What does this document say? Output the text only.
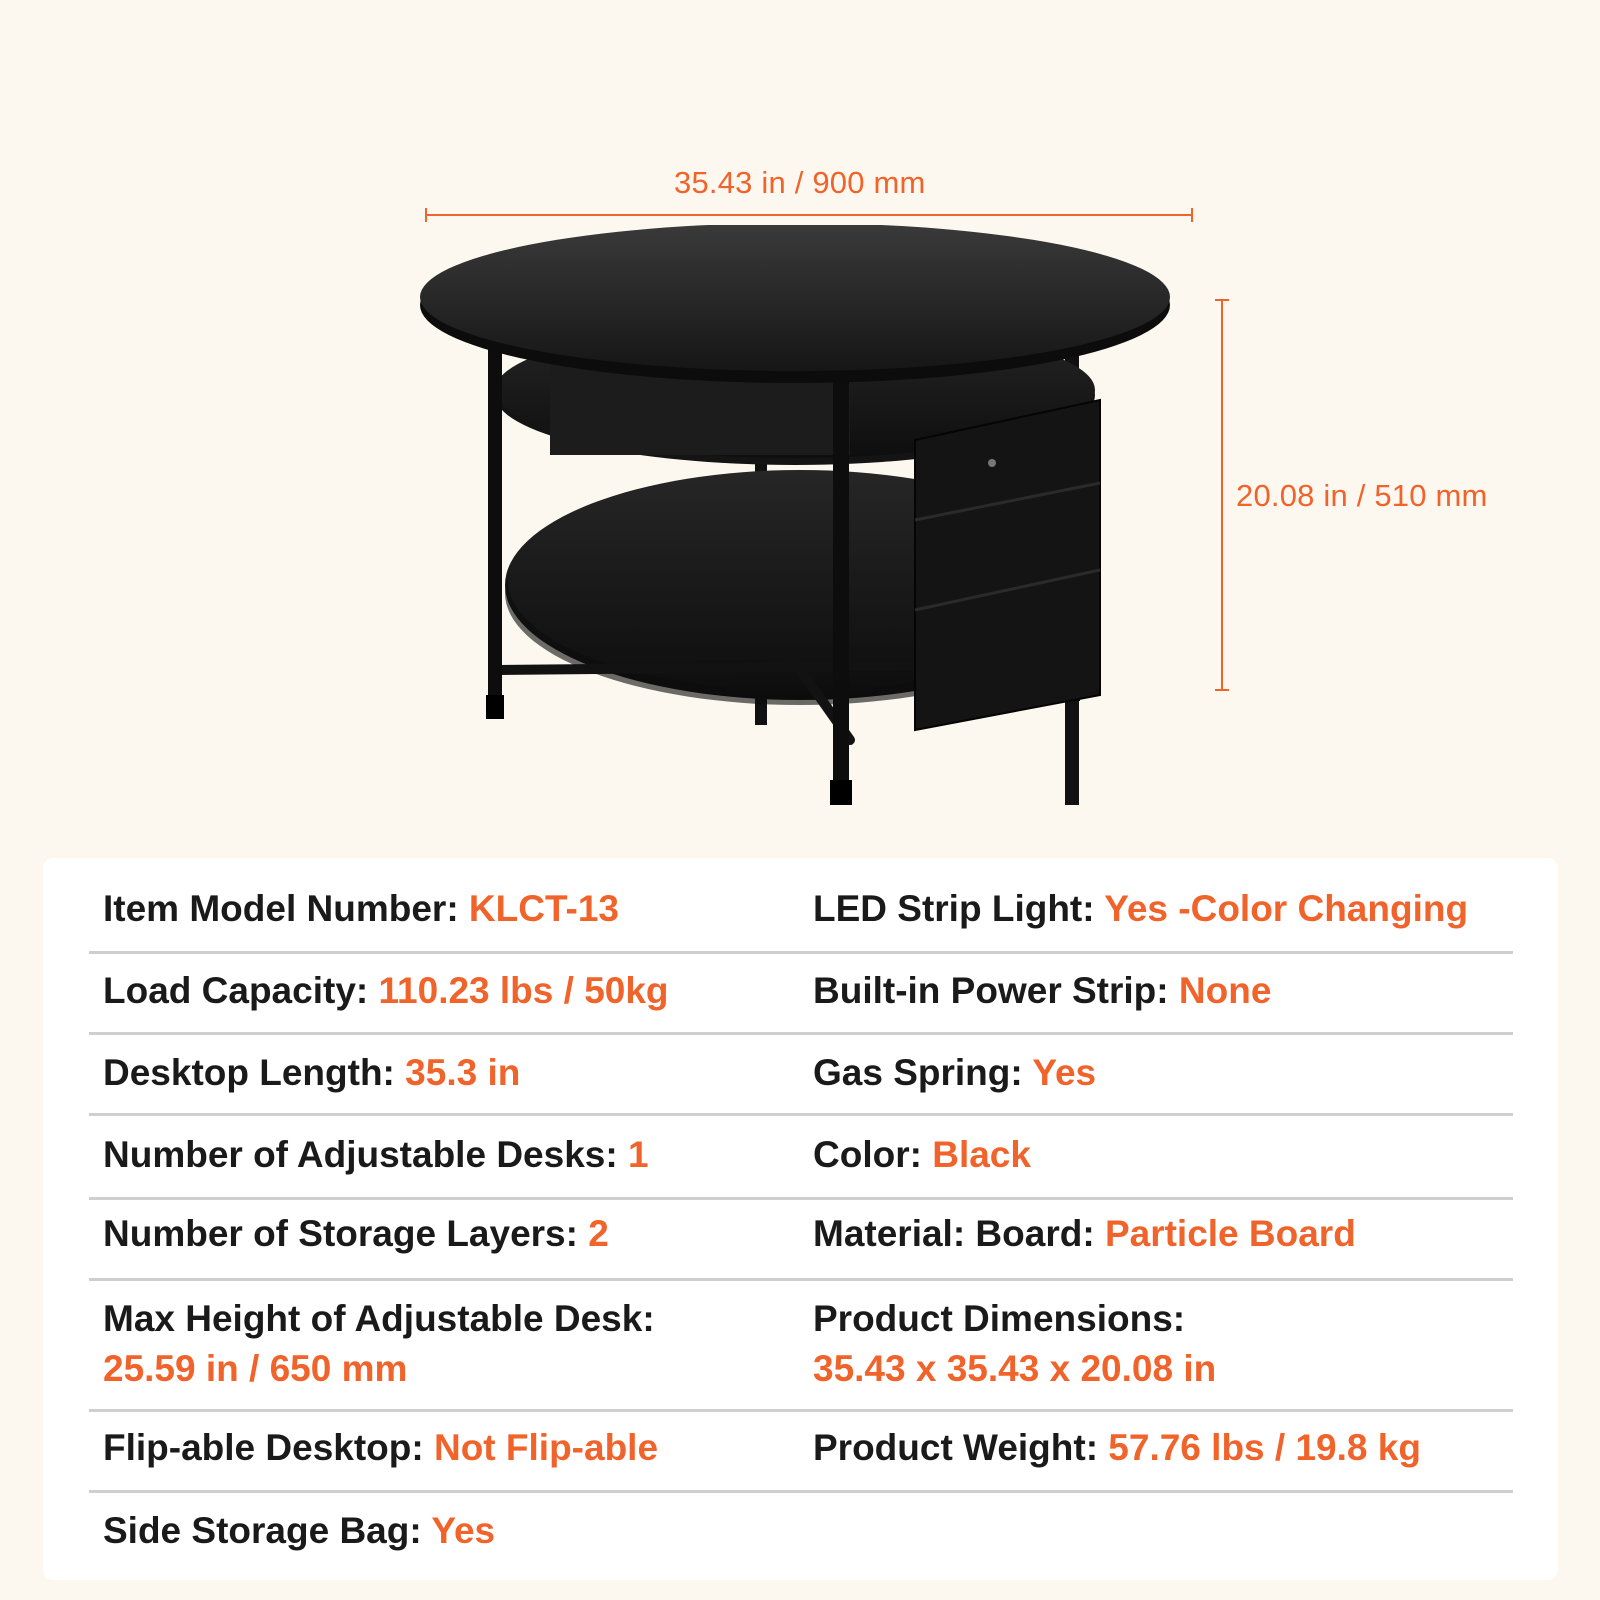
35.43 in / 900 mm
20.08 in / 510 mm
Item Model Number: KLCT-13	LED Strip Light: Yes -Color Changing
Load Capacity: 110.23 lbs / 50kg	Built-in Power Strip: None
Desktop Length: 35.3 in	Gas Spring: Yes
Number of Adjustable Desks: 1	Color: Black
Number of Storage Layers: 2	Material: Board: Particle Board
Max Height of Adjustable Desk:
25.59 in / 650 mm
Product Dimensions:
35.43 x 35.43 x 20.08 in
Flip-able Desktop: Not Flip-able	Product Weight: 57.76 lbs / 19.8 kg
Side Storage Bag: Yes
